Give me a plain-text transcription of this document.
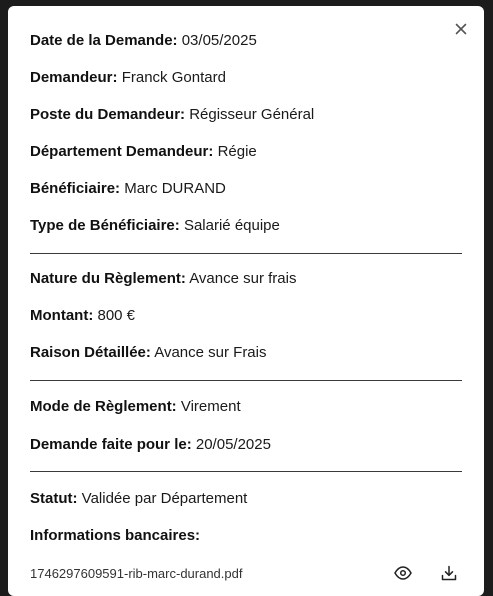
Date de la Demande: 03/05/2025

Demandeur: Franck Gontard

Poste du Demandeur: Régisseur Général

Département Demandeur: Régie

Bénéficiaire: Marc DURAND

Type de Bénéficiaire: Salarié équipe

Nature du Règlement: Avance sur frais

Montant: 800 €

Raison Détaillée: Avance sur Frais

Mode de Règlement: Virement

Demande faite pour le: 20/05/2025

Statut: Validée par Département

Informations bancaires:

1746297609591-rib-marc-durand.pdf
